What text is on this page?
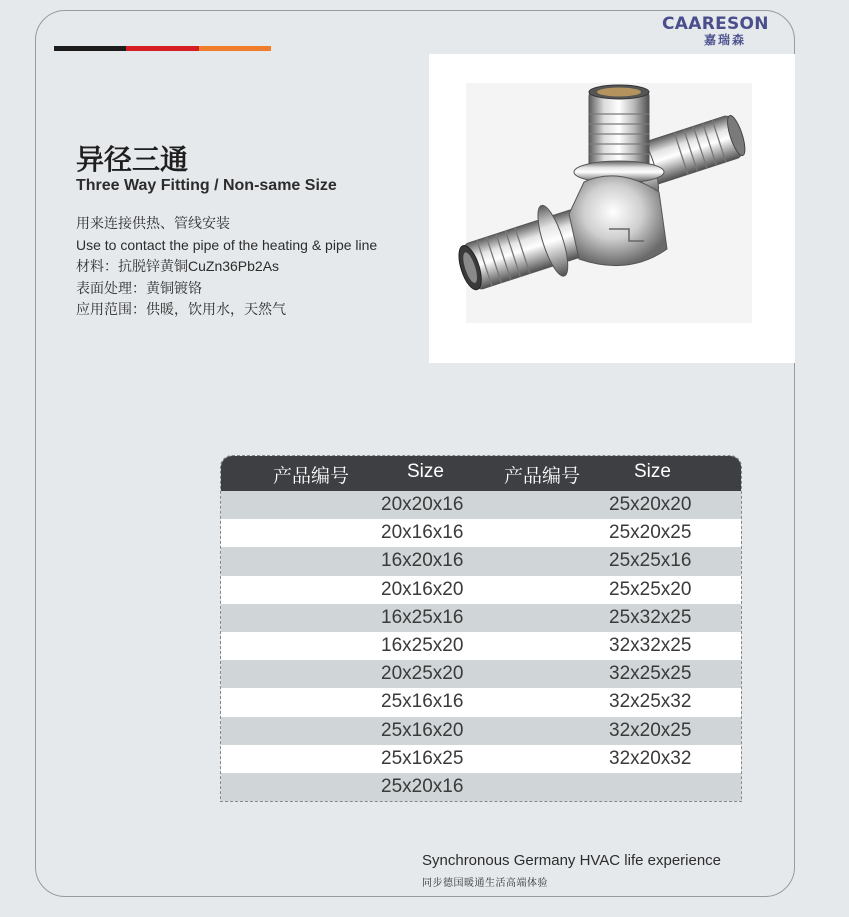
CAARESON
嘉瑞森
异径三通
Three Way Fitting / Non-same Size
用来连接供热、管线安装
Use to contact the pipe of the heating & pipe line
材料：抗脱锌黄铜CuZn36Pb2As
表面处理：黄铜镀铬
应用范围：供暖，饮用水，天然气
产品编号	Size	产品编号	Size
20x20x16	25x20x20
20x16x16	25x20x25
16x20x16	25x25x16
20x16x20	25x25x20
16x25x16	25x32x25
16x25x20	32x32x25
20x25x20	32x25x25
25x16x16	32x25x32
25x16x20	32x20x25
25x16x25	32x20x32
25x20x16
Synchronous Germany HVAC life experience
同步德国暖通生活高端体验
